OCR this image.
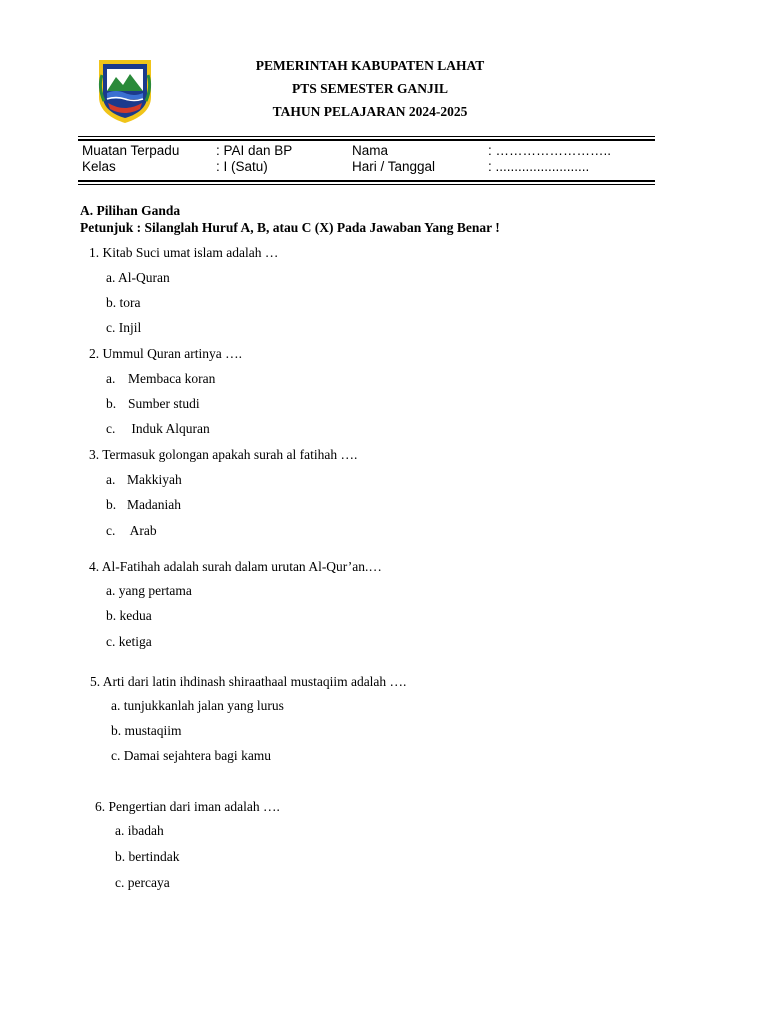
PEMERINTAH KABUPATEN LAHAT
PTS SEMESTER GANJIL
TAHUN PELAJARAN 2024-2025
Muatan Terpadu	: PAI dan BP	Nama	: ……………………..
Kelas	: I (Satu)	Hari / Tanggal	: .........................
A. Pilihan Ganda
Petunjuk : Silanglah Huruf A, B, atau C (X) Pada Jawaban Yang Benar !
1. Kitab Suci umat islam adalah …
a. Al-Quran
b. tora
c. Injil
2. Ummul Quran artinya ….
a. Membaca koran
b. Sumber studi
c. Induk Alquran
3. Termasuk golongan apakah surah al fatihah ….
a. Makkiyah
b. Madaniah
c. Arab
4. Al-Fatihah adalah surah dalam urutan Al-Qur’an.…
a. yang pertama
b. kedua
c. ketiga
5. Arti dari latin ihdinash shiraathaal mustaqiim adalah ….
a. tunjukkanlah jalan yang lurus
b. mustaqiim
c. Damai sejahtera bagi kamu
6. Pengertian dari iman adalah ….
a. ibadah
b. bertindak
c. percaya
